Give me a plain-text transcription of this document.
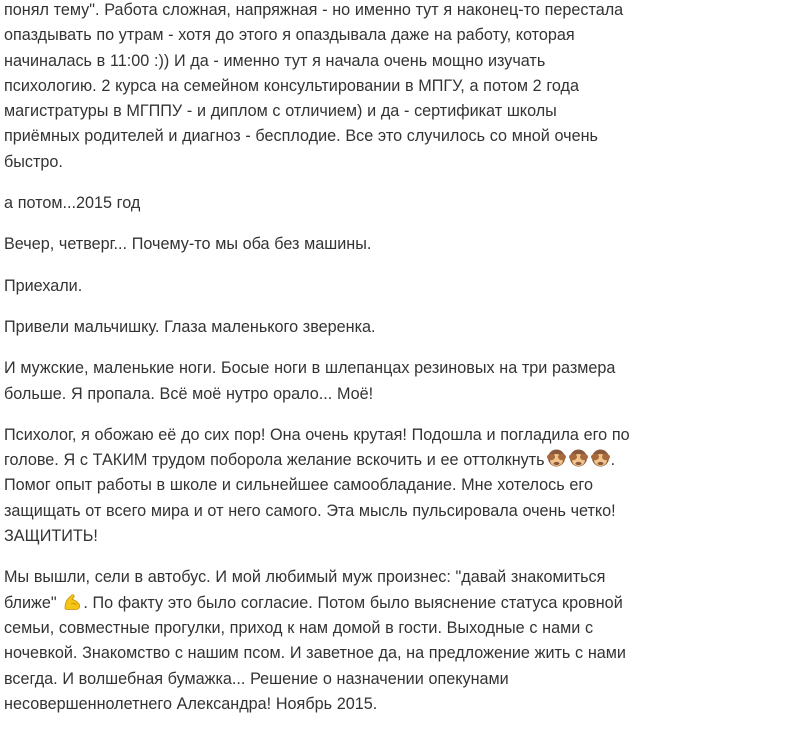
понял тему". Работа сложная, напряжная - но именно тут я наконец-то перестала
опаздывать по утрам - хотя до этого я опаздывала даже на работу, которая
начиналась в 11:00 :)) И да - именно тут я начала очень мощно изучать
психологию. 2 курса на семейном консультировании в МПГУ, а потом 2 года
магистратуры в МГППУ - и диплом с отличием) и да - сертификат школы
приёмных родителей и диагноз - бесплодие. Все это случилось со мной очень
быстро.

а потом...2015 год

Вечер, четверг... Почему-то мы оба без машины.

Приехали.

Привели мальчишку. Глаза маленького зверенка.

И мужские, маленькие ноги. Босые ноги в шлепанцах резиновых на три размера
больше. Я пропала. Всё моё нутро орало... Моё!

Психолог, я обожаю её до сих пор! Она очень крутая! Подошла и погладила его по
голове. Я с ТАКИМ трудом поборола желание вскочить и ее оттолкнуть	.
Помог опыт работы в школе и сильнейшее самообладание. Мне хотелось его
защищать от всего мира и от него самого. Эта мысль пульсировала очень четко!
ЗАЩИТИТЬ!

Мы вышли, сели в автобус. И мой любимый муж произнес: "давай знакомиться
ближе" . По факту это было согласие. Потом было выяснение статуса кровной
семьи, совместные прогулки, приход к нам домой в гости. Выходные с нами с
ночевкой. Знакомство с нашим псом. И заветное да, на предложение жить с нами
всегда. И волшебная бумажка... Решение о назначении опекунами
несовершеннолетнего Александра! Ноябрь 2015.
